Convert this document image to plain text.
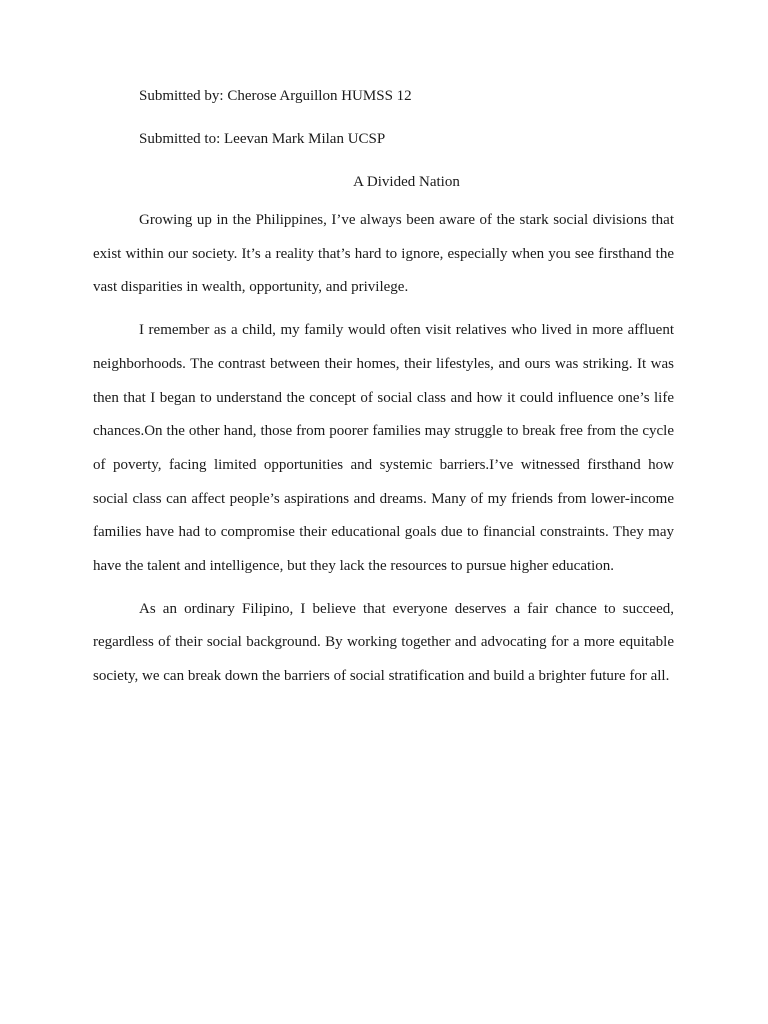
Submitted by: Cherose Arguillon HUMSS 12

Submitted to: Leevan Mark Milan UCSP

A Divided Nation

Growing up in the Philippines, I’ve always been aware of the stark social divisions that exist within our society. It’s a reality that’s hard to ignore, especially when you see firsthand the vast disparities in wealth, opportunity, and privilege.

I remember as a child, my family would often visit relatives who lived in more affluent neighborhoods. The contrast between their homes, their lifestyles, and ours was striking. It was then that I began to understand the concept of social class and how it could influence one’s life chances.On the other hand, those from poorer families may struggle to break free from the cycle of poverty, facing limited opportunities and systemic barriers.I’ve witnessed firsthand how social class can affect people’s aspirations and dreams. Many of my friends from lower-income families have had to compromise their educational goals due to financial constraints. They may have the talent and intelligence, but they lack the resources to pursue higher education.

As an ordinary Filipino, I believe that everyone deserves a fair chance to succeed, regardless of their social background. By working together and advocating for a more equitable society, we can break down the barriers of social stratification and build a brighter future for all.
